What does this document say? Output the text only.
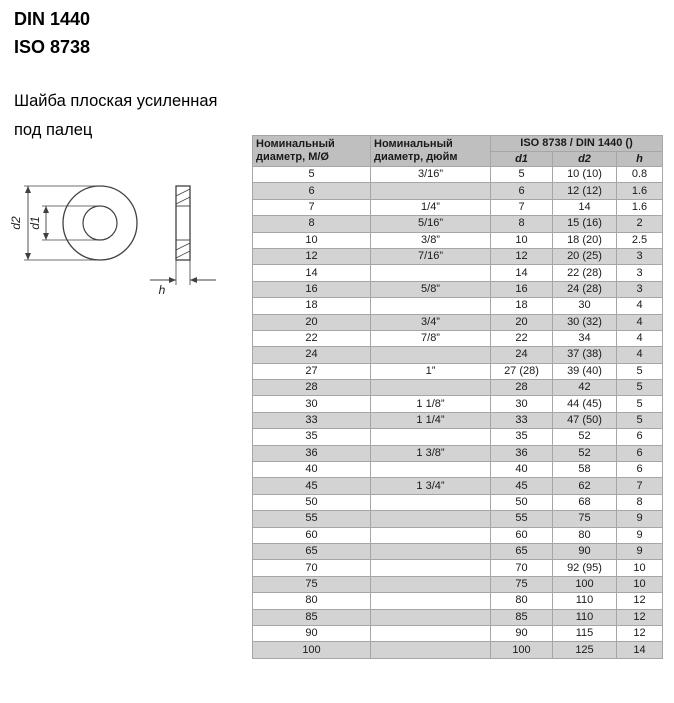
DIN 1440
ISO 8738
Шайба плоская усиленная
под палец
d2 d1
h
Номинальный диаметр, М/Ø	Номинальный диаметр, дюйм	ISO 8738 / DIN 1440 ()		
		d1	d2	h
5	3/16”	5	10 (10)	0.8
6		6	12 (12)	1.6
7	1/4”	7	14	1.6
8	5/16”	8	15 (16)	2
10	3/8”	10	18 (20)	2.5
12	7/16”	12	20 (25)	3
14		14	22 (28)	3
16	5/8”	16	24 (28)	3
18		18	30	4
20	3/4”	20	30 (32)	4
22	7/8”	22	34	4
24		24	37 (38)	4
27	1”	27 (28)	39 (40)	5
28		28	42	5
30	1 1/8”	30	44 (45)	5
33	1 1/4”	33	47 (50)	5
35		35	52	6
36	1 3/8”	36	52	6
40		40	58	6
45	1 3/4”	45	62	7
50		50	68	8
55		55	75	9
60		60	80	9
65		65	90	9
70		70	92 (95)	10
75		75	100	10
80		80	110	12
85		85	110	12
90		90	115	12
100		100	125	14
